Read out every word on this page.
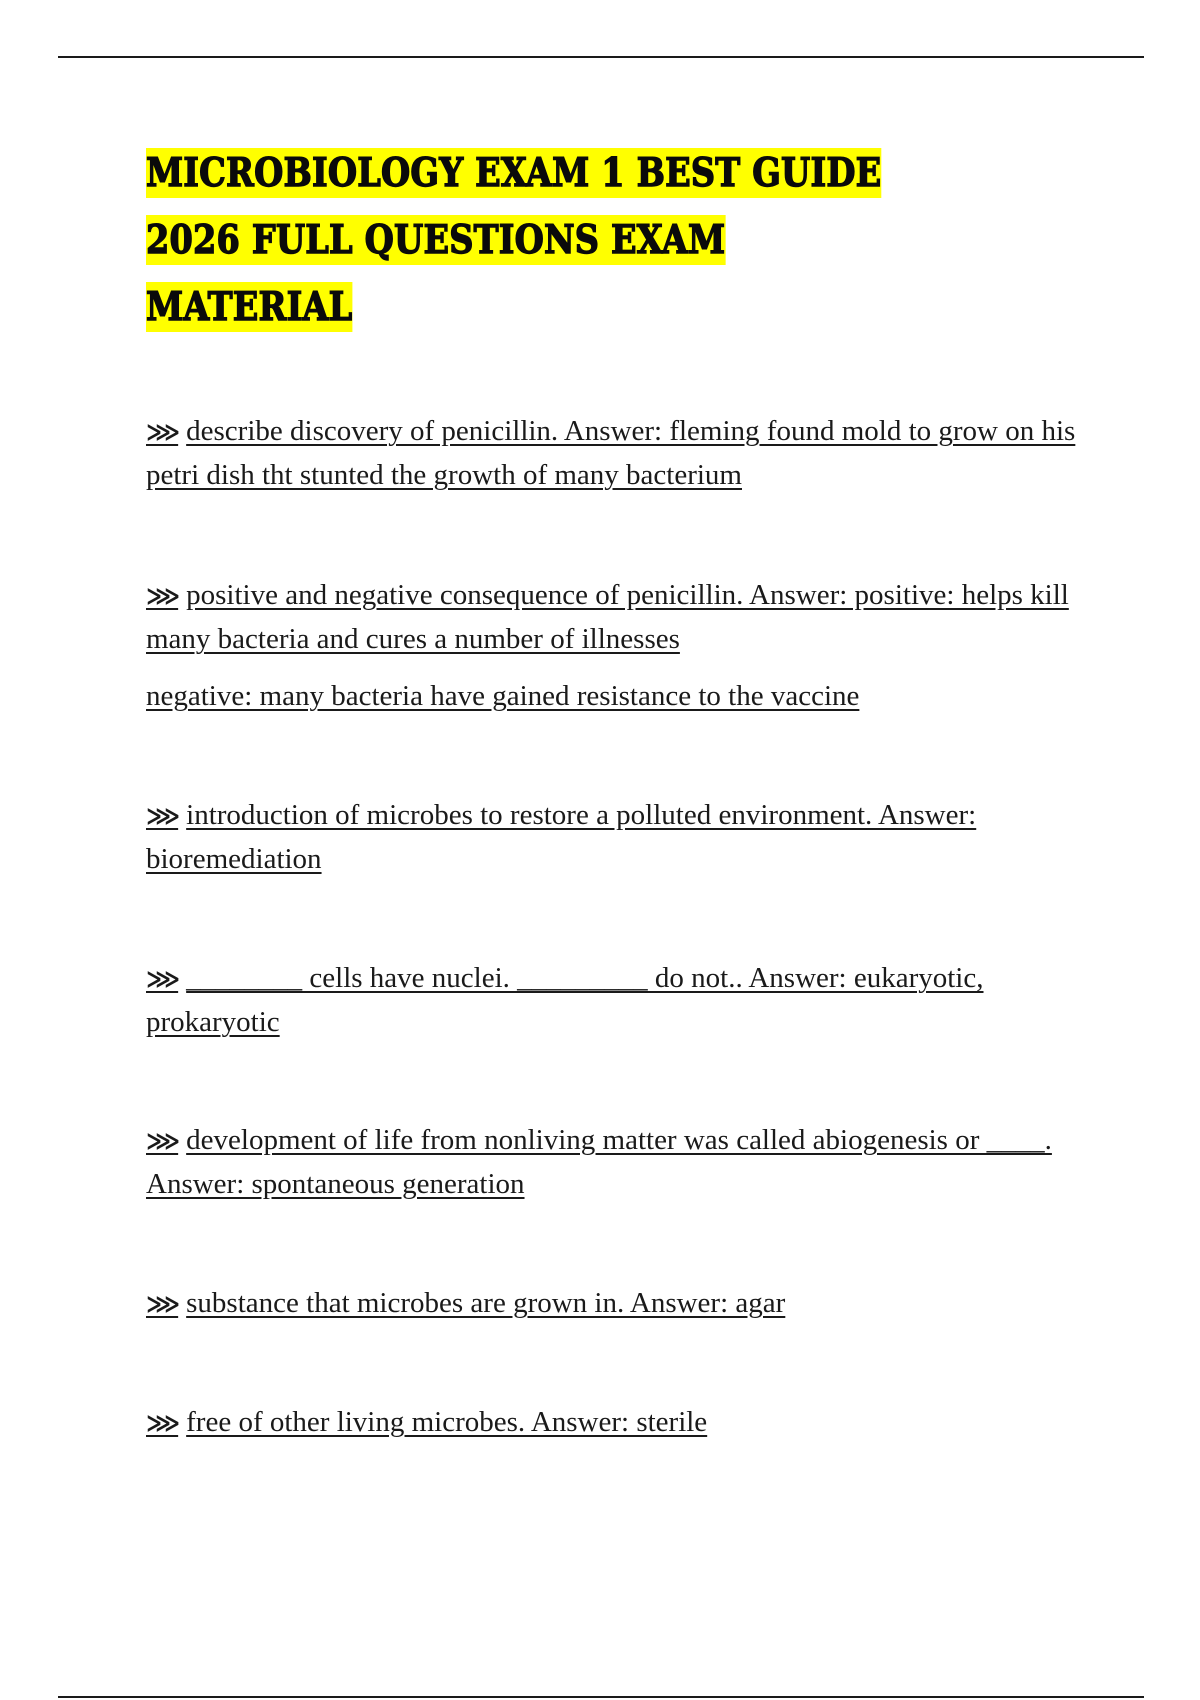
MICROBIOLOGY EXAM 1 BEST GUIDE
2026 FULL QUESTIONS EXAM MATERIAL

⋙ describe discovery of penicillin. Answer: fleming found mold to grow on his petri dish tht stunted the growth of many bacterium

⋙ positive and negative consequence of penicillin. Answer: positive: helps kill many bacteria and cures a number of illnesses
negative: many bacteria have gained resistance to the vaccine

⋙ introduction of microbes to restore a polluted environment. Answer: bioremediation

⋙ ________ cells have nuclei. _________ do not.. Answer: eukaryotic, prokaryotic

⋙ development of life from nonliving matter was called abiogenesis or ____. Answer: spontaneous generation

⋙ substance that microbes are grown in. Answer: agar

⋙ free of other living microbes. Answer: sterile
